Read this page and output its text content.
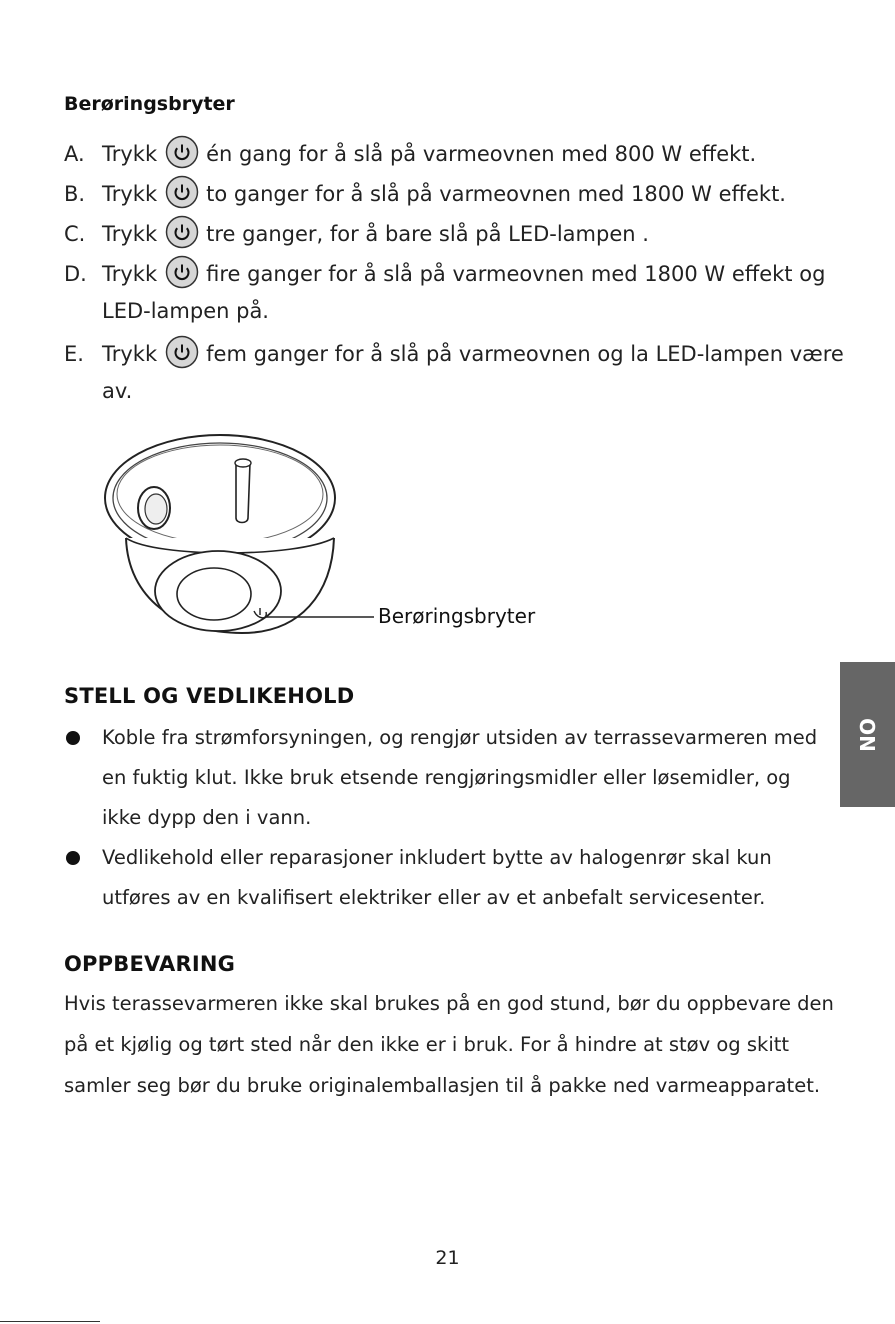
Berøringsbryter
A. Trykk én gang for å slå på varmeovnen med 800 W effekt.
B. Trykk to ganger for å slå på varmeovnen med 1800 W effekt.
C. Trykk tre ganger, for å bare slå på LED-lampen .
D. Trykk fire ganger for å slå på varmeovnen med 1800 W effekt og
LED-lampen på.
E. Trykk fem ganger for å slå på varmeovnen og la LED-lampen være
av.
Berøringsbryter
STELL OG VEDLIKEHOLD
Koble fra strømforsyningen, og rengjør utsiden av terrassevarmeren med
en fuktig klut. Ikke bruk etsende rengjøringsmidler eller løsemidler, og
ikke dypp den i vann.
Vedlikehold eller reparasjoner inkludert bytte av halogenrør skal kun
utføres av en kvalifisert elektriker eller av et anbefalt servicesenter.
OPPBEVARING
Hvis terassevarmeren ikke skal brukes på en god stund, bør du oppbevare den
på et kjølig og tørt sted når den ikke er i bruk. For å hindre at støv og skitt
samler seg bør du bruke originalemballasjen til å pakke ned varmeapparatet.
NO
21
